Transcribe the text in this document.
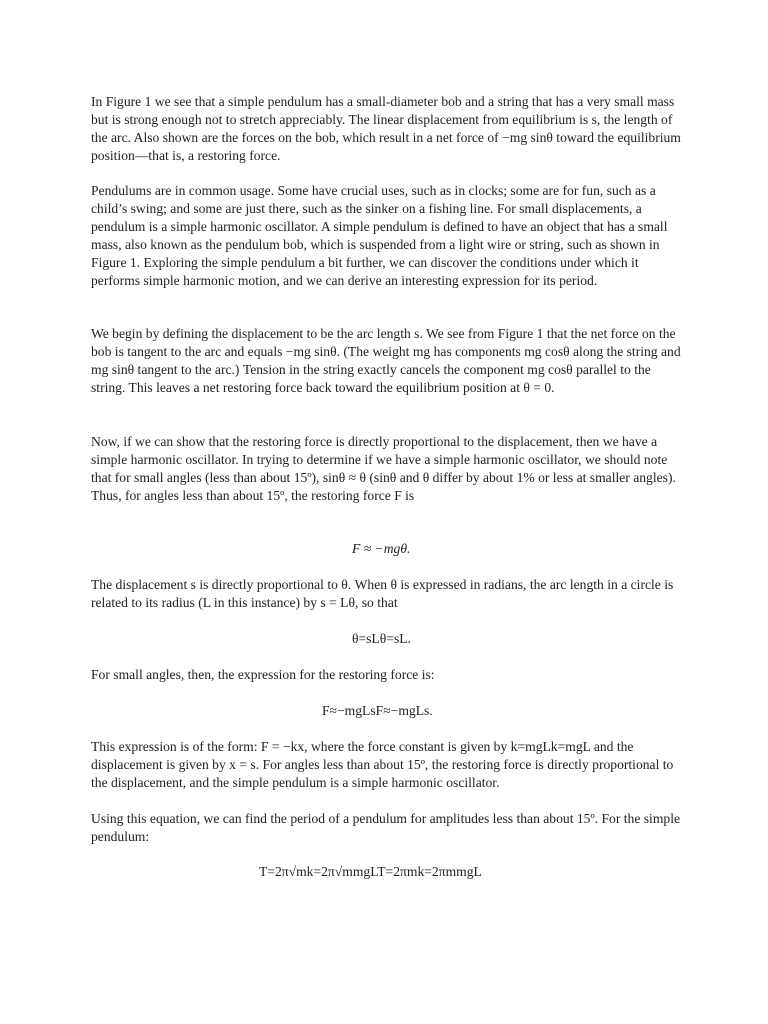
In Figure 1 we see that a simple pendulum has a small-diameter bob and a string that has a very small mass but is strong enough not to stretch appreciably. The linear displacement from equilibrium is s, the length of the arc. Also shown are the forces on the bob, which result in a net force of −mg sinθ toward the equilibrium position—that is, a restoring force.

Pendulums are in common usage. Some have crucial uses, such as in clocks; some are for fun, such as a child’s swing; and some are just there, such as the sinker on a fishing line. For small displacements, a pendulum is a simple harmonic oscillator. A simple pendulum is defined to have an object that has a small mass, also known as the pendulum bob, which is suspended from a light wire or string, such as shown in Figure 1. Exploring the simple pendulum a bit further, we can discover the conditions under which it performs simple harmonic motion, and we can derive an interesting expression for its period.

We begin by defining the displacement to be the arc length s. We see from Figure 1 that the net force on the bob is tangent to the arc and equals −mg sinθ. (The weight mg has components mg cosθ along the string and mg sinθ tangent to the arc.) Tension in the string exactly cancels the component mg cosθ parallel to the string. This leaves a net restoring force back toward the equilibrium position at θ = 0.

Now, if we can show that the restoring force is directly proportional to the displacement, then we have a simple harmonic oscillator. In trying to determine if we have a simple harmonic oscillator, we should note that for small angles (less than about 15º), sinθ ≈ θ (sinθ and θ differ by about 1% or less at smaller angles). Thus, for angles less than about 15º, the restoring force F is

F ≈ −mgθ.

The displacement s is directly proportional to θ. When θ is expressed in radians, the arc length in a circle is related to its radius (L in this instance) by s = Lθ, so that

θ=sLθ=sL.

For small angles, then, the expression for the restoring force is:

F≈−mgLsF≈−mgLs.

This expression is of the form: F = −kx, where the force constant is given by k=mgLk=mgL and the displacement is given by x = s. For angles less than about 15º, the restoring force is directly proportional to the displacement, and the simple pendulum is a simple harmonic oscillator.

Using this equation, we can find the period of a pendulum for amplitudes less than about 15º. For the simple pendulum:

T=2π√mk=2π√mmgLT=2πmk=2πmmgL
